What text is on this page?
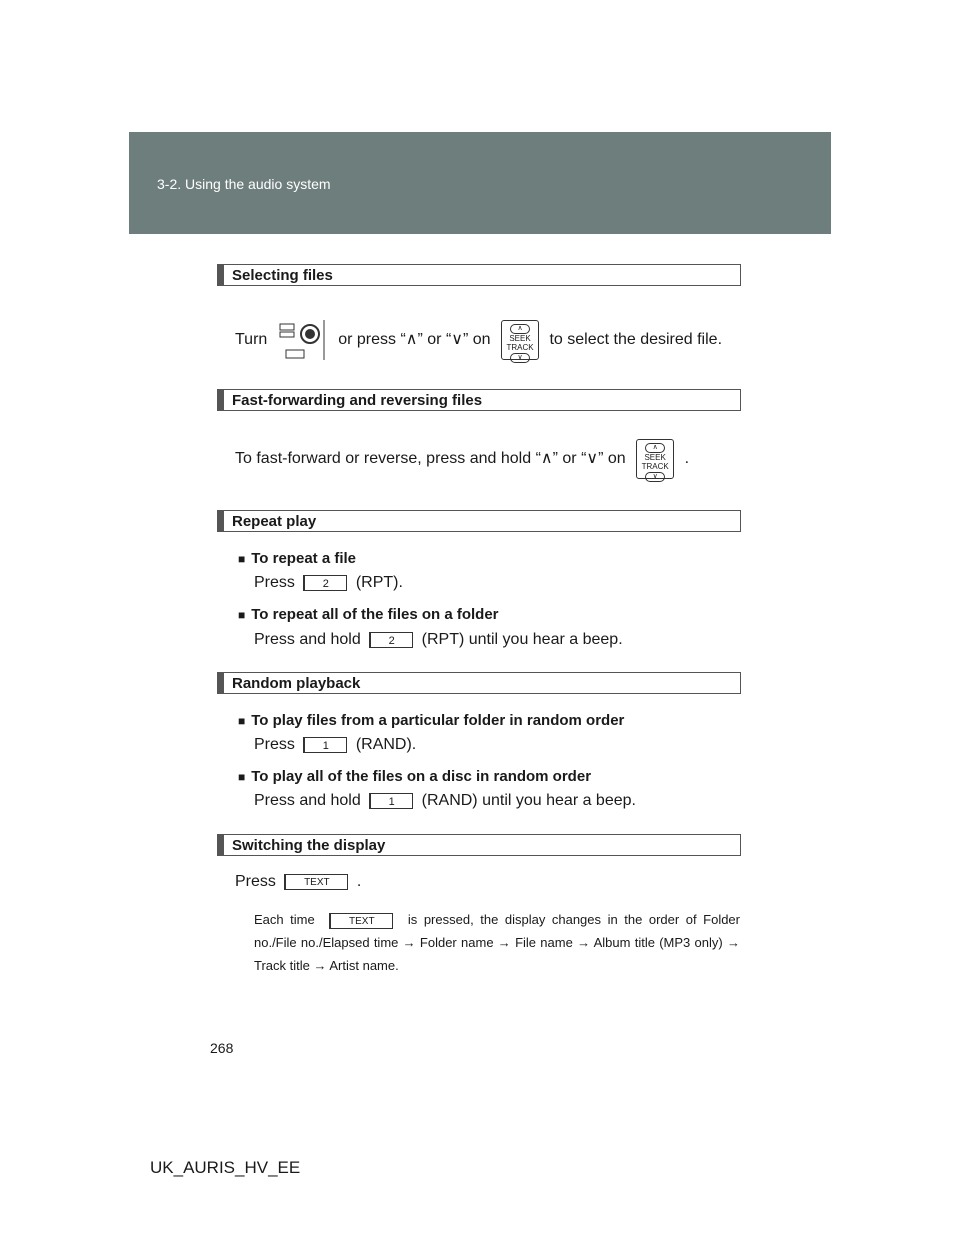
3-2. Using the audio system
Selecting files
Turn	or press “∧” or “∨” on ∧
SEEK
TRACK
∨ to select the desired file.
Fast-forwarding and reversing files
To fast-forward or reverse, press and hold “∧” or “∨” on ∧
SEEK
TRACK
∨ .
Repeat play
■ To repeat a file
Press	2 (RPT).
■ To repeat all of the files on a folder
Press and hold	2 (RPT) until you hear a beep.
Random playback
■ To play files from a particular folder in random order
Press	1 (RAND).
■ To play all of the files on a disc in random order
Press and hold	1 (RAND) until you hear a beep.
Switching the display
Press	TEXT .
Each time	TEXT	is pressed, the display changes in the order of Folder no./File no./Elapsed time → Folder name → File name → Album title (MP3 only) → Track title → Artist name.
268
UK_AURIS_HV_EE
